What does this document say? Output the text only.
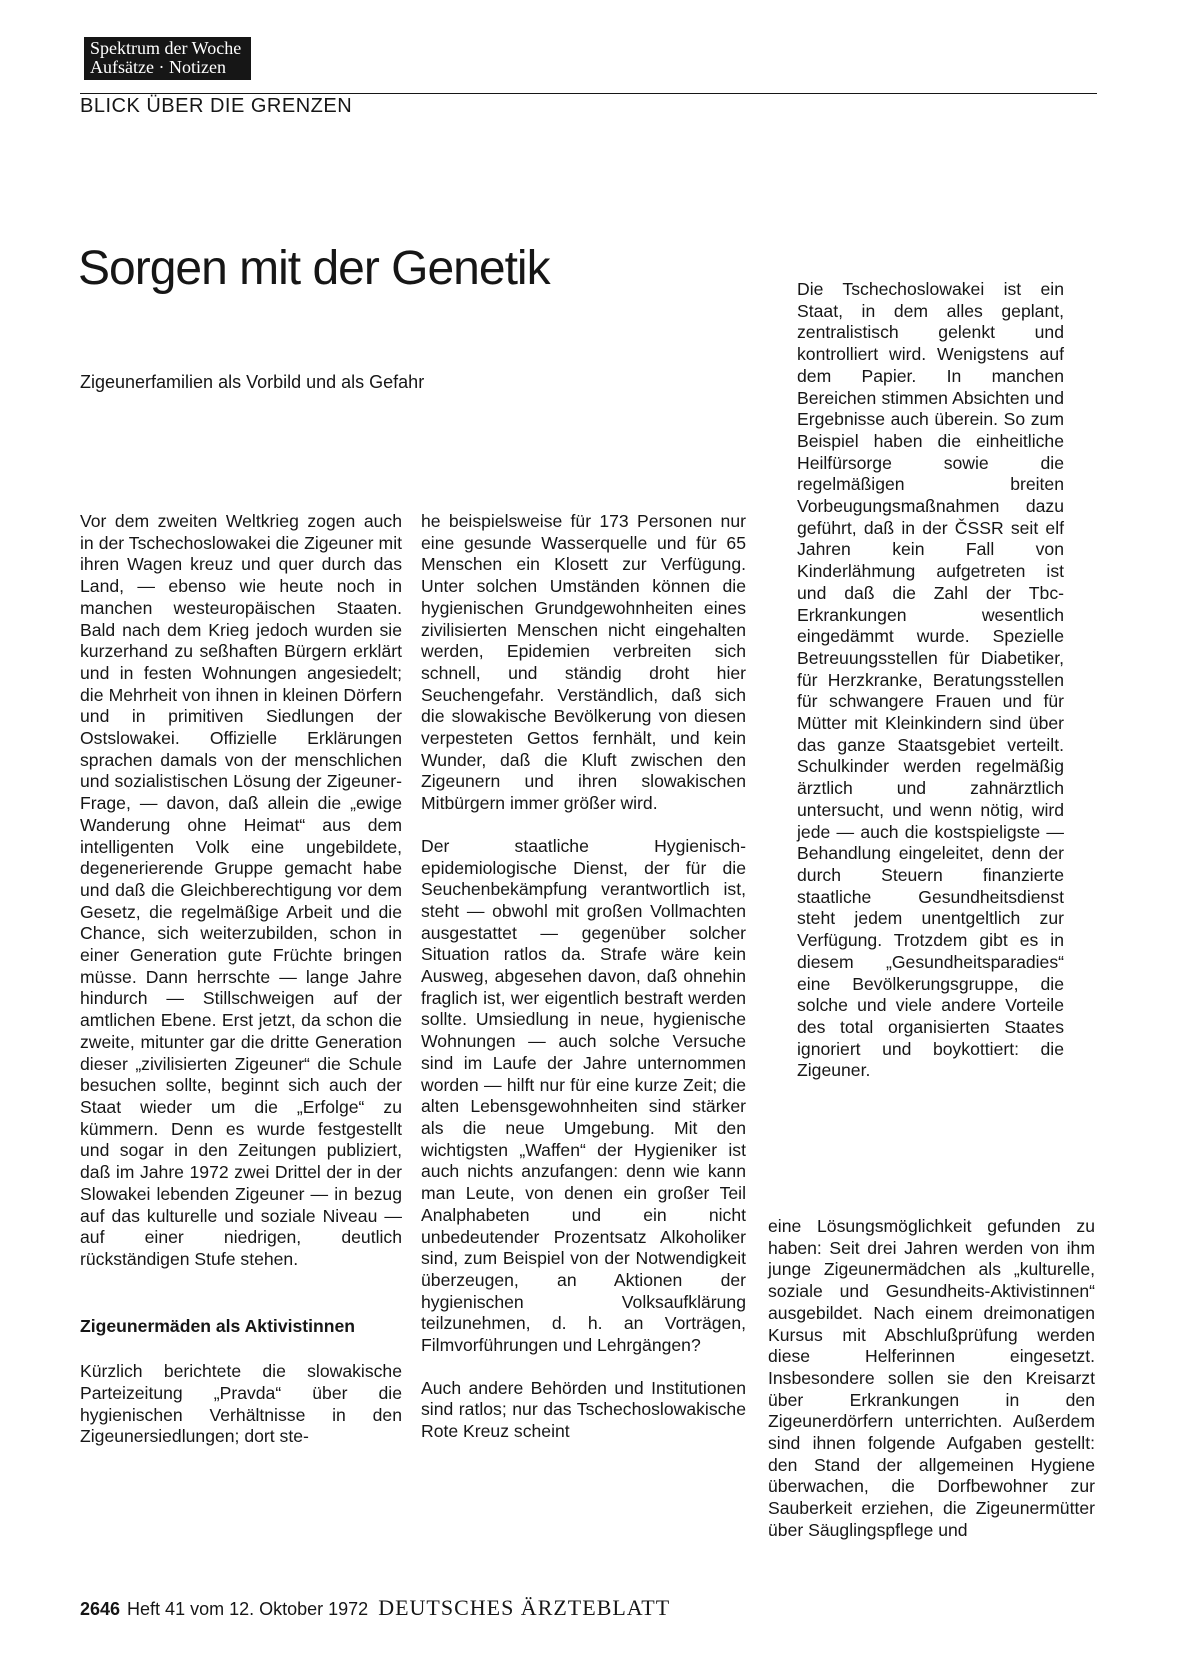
Spektrum der Woche
Aufsätze · Notizen
BLICK ÜBER DIE GRENZEN
Sorgen mit der Genetik
Zigeunerfamilien als Vorbild und als Gefahr

Vor dem zweiten Weltkrieg zogen auch in der Tschechoslowakei die Zigeuner mit ihren Wagen kreuz und quer durch das Land, — ebenso wie heute noch in manchen westeuropäischen Staaten. Bald nach dem Krieg jedoch wurden sie kurzerhand zu seßhaften Bürgern erklärt und in festen Wohnungen angesiedelt; die Mehrheit von ihnen in kleinen Dörfern und in primitiven Siedlungen der Ostslowakei. Offizielle Erklärungen sprachen damals von der menschlichen und sozialistischen Lösung der Zigeuner-Frage, — davon, daß allein die „ewige Wanderung ohne Heimat“ aus dem intelligenten Volk eine ungebildete, degenerierende Gruppe gemacht habe und daß die Gleichberechtigung vor dem Gesetz, die regelmäßige Arbeit und die Chance, sich weiterzubilden, schon in einer Generation gute Früchte bringen müsse. Dann herrschte — lange Jahre hindurch — Stillschweigen auf der amtlichen Ebene. Erst jetzt, da schon die zweite, mitunter gar die dritte Generation dieser „zivilisierten Zigeuner“ die Schule besuchen sollte, beginnt sich auch der Staat wieder um die „Erfolge“ zu kümmern. Denn es wurde festgestellt und sogar in den Zeitungen publiziert, daß im Jahre 1972 zwei Drittel der in der Slowakei lebenden Zigeuner — in bezug auf das kulturelle und soziale Niveau — auf einer niedrigen, deutlich rückständigen Stufe stehen.

Zigeunermäden als Aktivistinnen

Kürzlich berichtete die slowakische Parteizeitung „Pravda“ über die hygienischen Verhältnisse in den Zigeunersiedlungen; dort ste-

he beispielsweise für 173 Personen nur eine gesunde Wasserquelle und für 65 Menschen ein Klosett zur Verfügung. Unter solchen Umständen können die hygienischen Grundgewohnheiten eines zivilisierten Menschen nicht eingehalten werden, Epidemien verbreiten sich schnell, und ständig droht hier Seuchengefahr. Verständlich, daß sich die slowakische Bevölkerung von diesen verpesteten Gettos fernhält, und kein Wunder, daß die Kluft zwischen den Zigeunern und ihren slowakischen Mitbürgern immer größer wird.

Der staatliche Hygienisch-epidemiologische Dienst, der für die Seuchenbekämpfung verantwortlich ist, steht — obwohl mit großen Vollmachten ausgestattet — gegenüber solcher Situation ratlos da. Strafe wäre kein Ausweg, abgesehen davon, daß ohnehin fraglich ist, wer eigentlich bestraft werden sollte. Umsiedlung in neue, hygienische Wohnungen — auch solche Versuche sind im Laufe der Jahre unternommen worden — hilft nur für eine kurze Zeit; die alten Lebensgewohnheiten sind stärker als die neue Umgebung. Mit den wichtigsten „Waffen“ der Hygieniker ist auch nichts anzufangen: denn wie kann man Leute, von denen ein großer Teil Analphabeten und ein nicht unbedeutender Prozentsatz Alkoholiker sind, zum Beispiel von der Notwendigkeit überzeugen, an Aktionen der hygienischen Volksaufklärung teilzunehmen, d. h. an Vorträgen, Filmvorführungen und Lehrgängen?

Auch andere Behörden und Institutionen sind ratlos; nur das Tschechoslowakische Rote Kreuz scheint

Die Tschechoslowakei ist ein Staat, in dem alles geplant, zentralistisch gelenkt und kontrolliert wird. Wenigstens auf dem Papier. In manchen Bereichen stimmen Absichten und Ergebnisse auch überein. So zum Beispiel haben die einheitliche Heilfürsorge sowie die regelmäßigen breiten Vorbeugungsmaßnahmen dazu geführt, daß in der ČSSR seit elf Jahren kein Fall von Kinderlähmung aufgetreten ist und daß die Zahl der Tbc-Erkrankungen wesentlich eingedämmt wurde. Spezielle Betreuungsstellen für Diabetiker, für Herzkranke, Beratungsstellen für schwangere Frauen und für Mütter mit Kleinkindern sind über das ganze Staatsgebiet verteilt. Schulkinder werden regelmäßig ärztlich und zahnärztlich untersucht, und wenn nötig, wird jede — auch die kostspieligste — Behandlung eingeleitet, denn der durch Steuern finanzierte staatliche Gesundheitsdienst steht jedem unentgeltlich zur Verfügung. Trotzdem gibt es in diesem „Gesundheitsparadies“ eine Bevölkerungsgruppe, die solche und viele andere Vorteile des total organisierten Staates ignoriert und boykottiert: die Zigeuner.

eine Lösungsmöglichkeit gefunden zu haben: Seit drei Jahren werden von ihm junge Zigeunermädchen als „kulturelle, soziale und Gesundheits-Aktivistinnen“ ausgebildet. Nach einem dreimonatigen Kursus mit Abschlußprüfung werden diese Helferinnen eingesetzt. Insbesondere sollen sie den Kreisarzt über Erkrankungen in den Zigeunerdörfern unterrichten. Außerdem sind ihnen folgende Aufgaben gestellt: den Stand der allgemeinen Hygiene überwachen, die Dorfbewohner zur Sauberkeit erziehen, die Zigeunermütter über Säuglingspflege und

2646 Heft 41 vom 12. Oktober 1972 DEUTSCHES ÄRZTEBLATT
